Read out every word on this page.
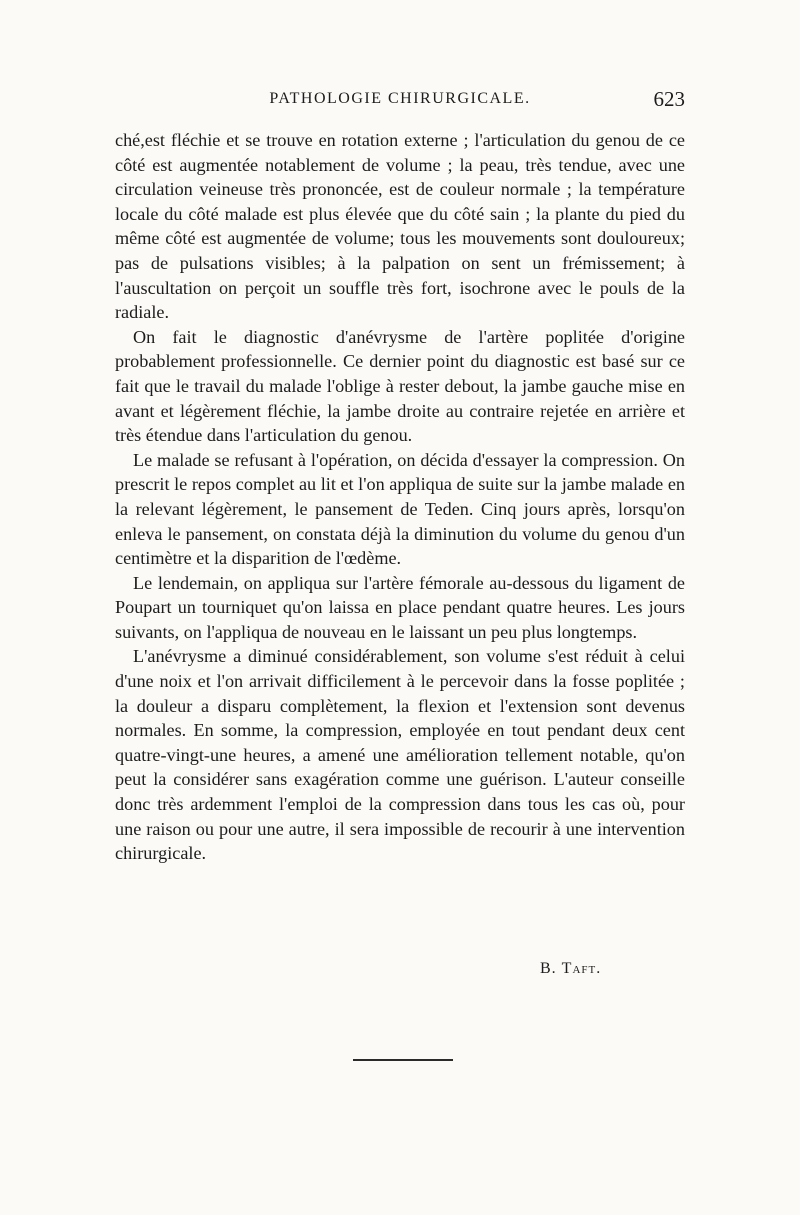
PATHOLOGIE CHIRURGICALE.	623

ché,est fléchie et se trouve en rotation externe ; l'articulation du genou de ce côté est augmentée notablement de volume ; la peau, très tendue, avec une circulation veineuse très prononcée, est de couleur normale ; la température locale du côté malade est plus élevée que du côté sain ; la plante du pied du même côté est augmentée de volume; tous les mouvements sont douloureux; pas de pulsations visibles; à la palpation on sent un frémissement; à l'auscultation on perçoit un souffle très fort, isochrone avec le pouls de la radiale.

On fait le diagnostic d'anévrysme de l'artère poplitée d'origine probablement professionnelle. Ce dernier point du diagnostic est basé sur ce fait que le travail du malade l'oblige à rester debout, la jambe gauche mise en avant et légèrement fléchie, la jambe droite au contraire rejetée en arrière et très étendue dans l'articulation du genou.

Le malade se refusant à l'opération, on décida d'essayer la compression. On prescrit le repos complet au lit et l'on appliqua de suite sur la jambe malade en la relevant légèrement, le pansement de Teden. Cinq jours après, lorsqu'on enleva le pansement, on constata déjà la diminution du volume du genou d'un centimètre et la disparition de l'œdème.

Le lendemain, on appliqua sur l'artère fémorale au-dessous du ligament de Poupart un tourniquet qu'on laissa en place pendant quatre heures. Les jours suivants, on l'appliqua de nouveau en le laissant un peu plus longtemps.

L'anévrysme a diminué considérablement, son volume s'est réduit à celui d'une noix et l'on arrivait difficilement à le percevoir dans la fosse poplitée ; la douleur a disparu complètement, la flexion et l'extension sont devenus normales. En somme, la compression, employée en tout pendant deux cent quatre-vingt-une heures, a amené une amélioration tellement notable, qu'on peut la considérer sans exagération comme une guérison. L'auteur conseille donc très ardemment l'emploi de la compression dans tous les cas où, pour une raison ou pour une autre, il sera impossible de recourir à une intervention chirurgicale.

B. Taft.
